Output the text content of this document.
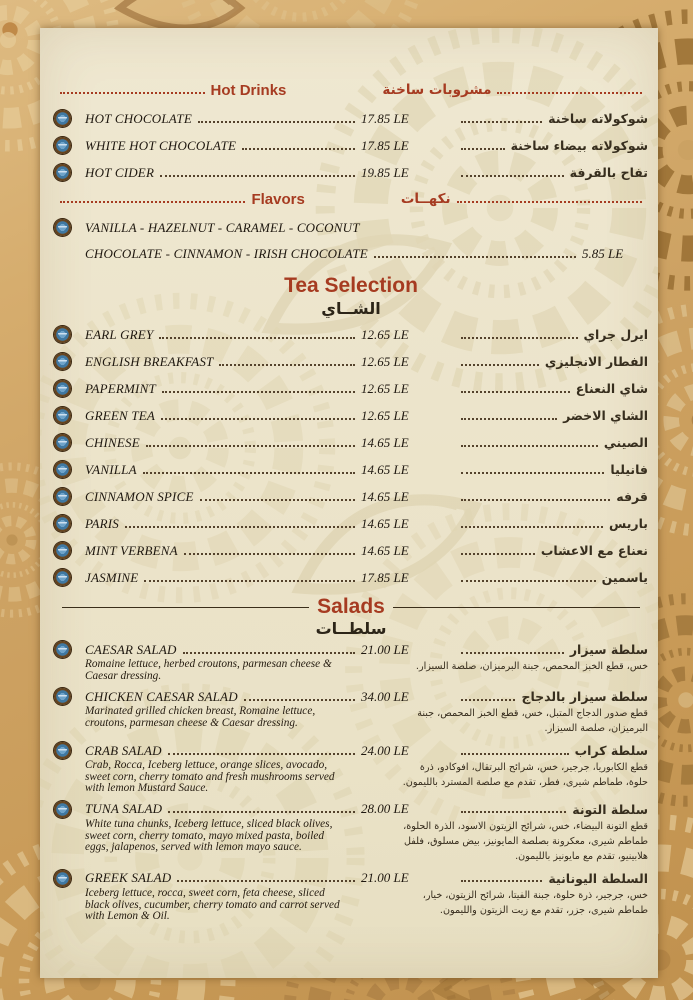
Hot Drinks	مشروبات ساخنة
HOT CHOCOLATE	17.85 LE	شوكولاته ساخنة
WHITE HOT CHOCOLATE	17.85 LE	شوكولاته بيضاء ساخنة
HOT CIDER	19.85 LE	تفاح بالقرفة
Flavors	نكهــات
VANILLA - HAZELNUT - CARAMEL - COCONUT
CHOCOLATE - CINNAMON - IRISH CHOCOLATE	5.85 LE
Tea Selection
الشــاي
EARL GREY	12.65 LE	ايرل جراي
ENGLISH BREAKFAST	12.65 LE	الفطار الانجليزي
PAPERMINT	12.65 LE	شاي النعناع
GREEN TEA	12.65 LE	الشاي الاخضر
CHINESE	14.65 LE	الصيني
VANILLA	14.65 LE	فانيليا
CINNAMON SPICE	14.65 LE	قرفه
PARIS	14.65 LE	باريس
MINT VERBENA	14.65 LE	نعناع مع الاعشاب
JASMINE	17.85 LE	ياسمين
Salads
سلطــات
CAESAR SALAD	21.00 LE	سلطة سيزار
Romaine lettuce, herbed croutons, parmesan cheese & Caesar dressing.
خس، قطع الخبز المحمص، جبنة البرميزان، صلصة السيزار.
CHICKEN CAESAR SALAD	34.00 LE	سلطة سيزار بالدجاج
Marinated grilled chicken breast, Romaine lettuce, croutons, parmesan cheese & Caesar dressing.
قطع صدور الدجاج المتبل، خس، قطع الخبز المحمص، جبنة البرميزان، صلصة السيزار.
CRAB SALAD	24.00 LE	سلطة كراب
Crab, Rocca, Iceberg lettuce, orange slices, avocado, sweet corn, cherry tomato and fresh mushrooms served with lemon Mustard Sauce.
قطع الكابوريا، جرجير، خس، شرائح البرتقال، افوكادو، ذرة حلوة، طماطم شيرى، فطر، تقدم مع صلصة المسترد بالليمون.
TUNA SALAD	28.00 LE	سلطة التونة
White tuna chunks, Iceberg lettuce, sliced black olives, sweet corn, cherry tomato, mayo mixed pasta, boiled eggs, jalapenos, served with lemon mayo sauce.
قطع التونة البيضاء، خس، شرائح الزيتون الاسود، الذرة الحلوة، طماطم شيرى، معكرونة بصلصة المايونيز، بيض مسلوق، فلفل هلابينيو، تقدم مع مايونيز بالليمون.
GREEK SALAD	21.00 LE	السلطة اليونانية
Iceberg lettuce, rocca, sweet corn, feta cheese, sliced black olives, cucumber, cherry tomato and carrot served with Lemon & Oil.
خس، جرجير، ذرة حلوة، جبنة الفيتا، شرائح الزيتون، خيار، طماطم شيرى، جزر، تقدم مع زيت الزيتون والليمون.
